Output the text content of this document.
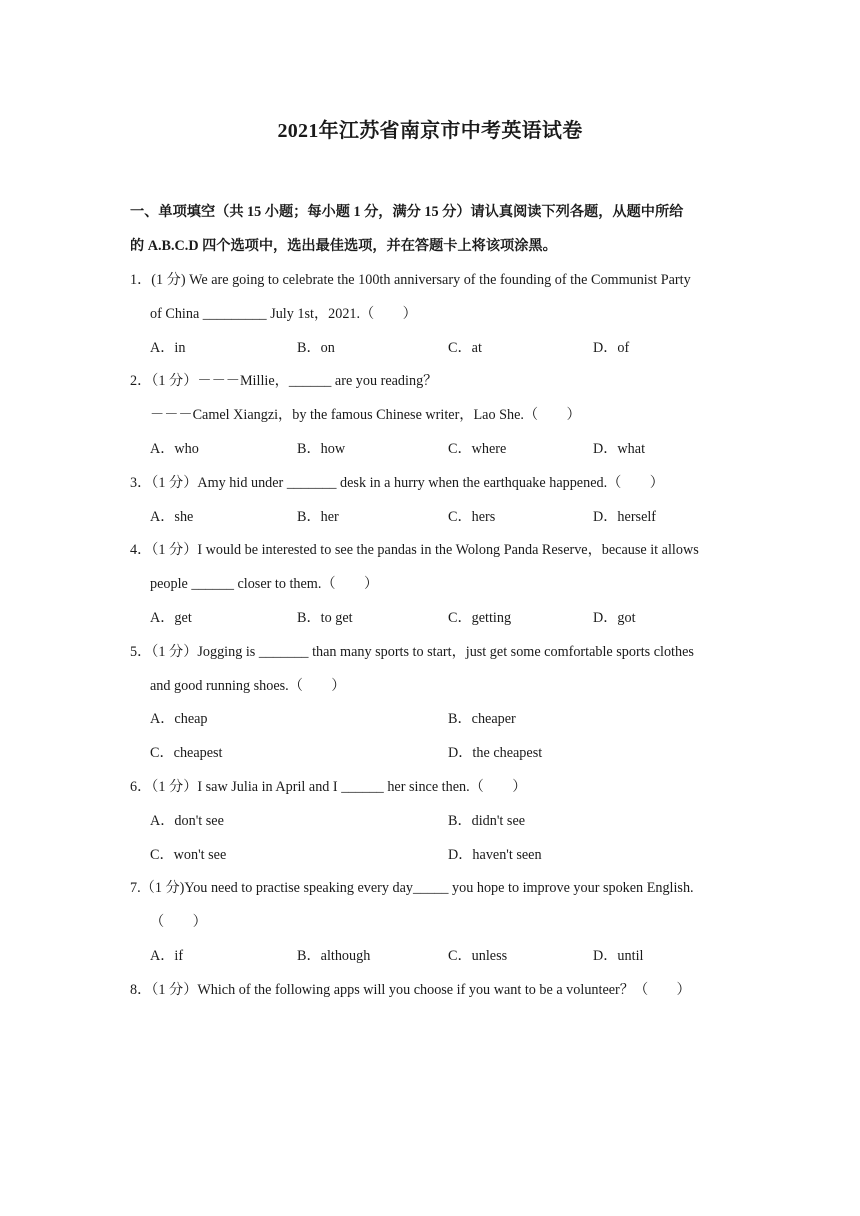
2021年江苏省南京市中考英语试卷
一、单项填空（共 15 小题；每小题 1 分，满分 15 分）请认真阅读下列各题，从题中所给
的 A.B.C.D 四个选项中，选出最佳选项，并在答题卡上将该项涂黑。
1．(1 分) We are going to celebrate the 100th anniversary of the founding of the Communist Party
of China _________ July 1st，2021.（　　）
A．in	B．on	C．at	D．of
2．（1 分）－－－Millie，______ are you reading？
－－－Camel Xiangzi，by the famous Chinese writer，Lao She.（　　）
A．who	B．how	C．where	D．what
3．（1 分）Amy hid under _______ desk in a hurry when the earthquake happened.（　　）
A．she	B．her	C．hers	D．herself
4．（1 分）I would be interested to see the pandas in the Wolong Panda Reserve，because it allows
people ______ closer to them.（　　）
A．get	B．to get	C．getting	D．got
5．（1 分）Jogging is _______ than many sports to start，just get some comfortable sports clothes
and good running shoes.（　　）
A．cheap	B．cheaper
C．cheapest	D．the cheapest
6．（1 分）I saw Julia in April and I ______ her since then.（　　）
A．don't see	B．didn't see
C．won't see	D．haven't seen
7.（1 分)You need to practise speaking every day_____ you hope to improve your spoken English.
（　　）
A．if	B．although	C．unless	D．until
8．（1 分）Which of the following apps will you choose if you want to be a volunteer？（　　）
